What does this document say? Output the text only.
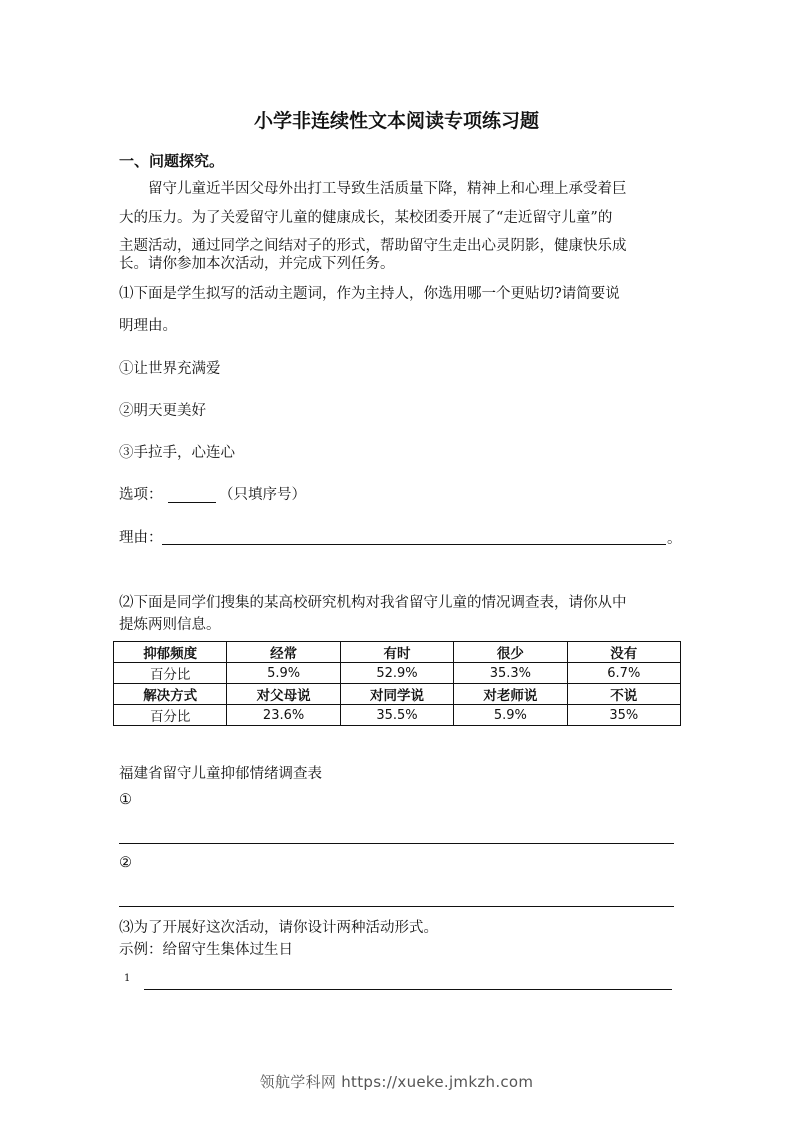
小学非连续性文本阅读专项练习题
一、问题探究。
　　留守儿童近半因父母外出打工导致生活质量下降，精神上和心理上承受着巨
大的压力。为了关爱留守儿童的健康成长，某校团委开展了“走近留守儿童”的
主题活动，通过同学之间结对子的形式，帮助留守生走出心灵阴影，健康快乐成
长。请你参加本次活动，并完成下列任务。
⑴下面是学生拟写的活动主题词，作为主持人，你选用哪一个更贴切?请简要说
明理由。
①让世界充满爱
②明天更美好
③手拉手，心连心
选项：	（只填序号）
理由：	。
⑵下面是同学们搜集的某高校研究机构对我省留守儿童的情况调查表，请你从中
提炼两则信息。
抑郁频度	经常	有时	很少	没有
百分比	5.9%	52.9%	35.3%	6.7%
解决方式	对父母说	对同学说	对老师说	不说
百分比	23.6%	35.5%	5.9%	35%
福建省留守儿童抑郁情绪调查表
①
②
⑶为了开展好这次活动，请你设计两种活动形式。
示例：给留守生集体过生日
1
领航学科网 https://xueke.jmkzh.com
